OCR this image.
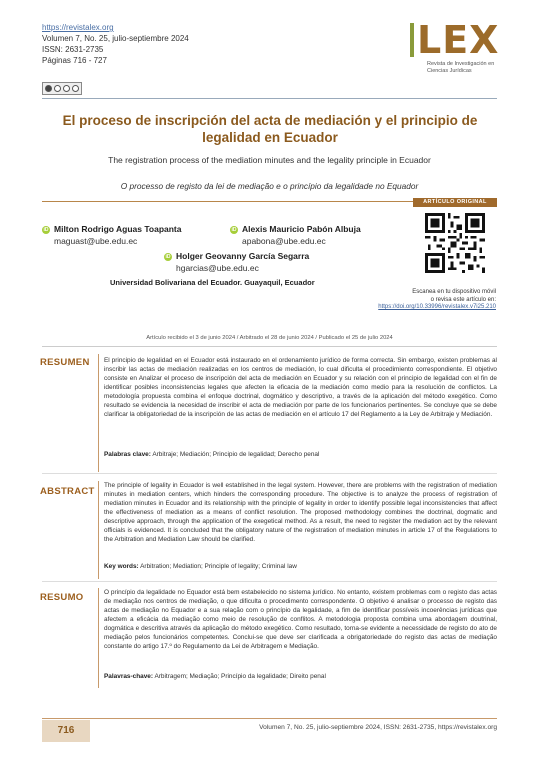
https://revistalex.org
Volumen 7, No. 25, julio-septiembre 2024
ISSN: 2631-2735
Páginas 716 - 727	LEX
Revista de Investigación en Ciencias Jurídicas
El proceso de inscripción del acta de mediación y el principio de legalidad en Ecuador
The registration process of the mediation minutes and the legality principle in Ecuador
O processo de registo da lei de mediação e o princípio da legalidade no Equador
ARTÍCULO ORIGINAL
iD Milton Rodrigo Aguas Toapanta
maguast@ube.edu.ec
iD Alexis Mauricio Pabón Albuja
apabona@ube.edu.ec
iD Holger Geovanny García Segarra
hgarcias@ube.edu.ec
Universidad Bolivariana del Ecuador. Guayaquil, Ecuador
Escanea en tu dispositivo móvil
o revisa este artículo en:
https://doi.org/10.33996/revistalex.v7i25.210
Artículo recibido el 3 de junio 2024 / Arbitrado el 28 de junio 2024 / Publicado el 25 de julio 2024
RESUMEN El principio de legalidad en el Ecuador está instaurado en el ordenamiento jurídico de forma correcta. Sin embargo, existen problemas al inscribir las actas de mediación realizadas en los centros de mediación, lo cual dificulta el procedimiento correspondiente. El objetivo consiste en Analizar el proceso de inscripción del acta de mediación en Ecuador y su relación con el principio de legalidad con el fin de identificar posibles inconsistencias legales que afecten la eficacia de la mediación como medio para la resolución de conflictos. La metodología propuesta combina el enfoque doctrinal, dogmático y descriptivo, a través de la aplicación del método exegético. Como resultado se evidencia la necesidad de inscribir el acta de mediación por parte de los funcionarios pertinentes. Se concluye que se debe clarificar la obligatoriedad de la inscripción de las actas de mediación en el artículo 17 del Reglamento a la Ley de Arbitraje y Mediación.
Palabras clave: Arbitraje; Mediación; Principio de legalidad; Derecho penal
ABSTRACT
The principle of legality in Ecuador is well established in the legal system. However, there are problems with the registration of mediation minutes in mediation centers, which hinders the corresponding procedure. The objective is to analyze the process of registration of mediation minutes in Ecuador and its relationship with the principle of legality in order to identify possible legal inconsistencies that affect the effectiveness of mediation as a means of conflict resolution. The proposed methodology combines the doctrinal, dogmatic and descriptive approach, through the application of the exegetical method. As a result, the need to register the mediation act by the relevant officials is evidenced. It is concluded that the obligatory nature of the registration of mediation minutes in article 17 of the Regulations to the Arbitration and Mediation Law should be clarified.
Key words: Arbitration; Mediation; Principle of legality; Criminal law
RESUMO	O princípio da legalidade no Equador está bem estabelecido no sistema jurídico. No entanto, existem problemas com o registo das actas de mediação nos centros de mediação, o que dificulta o procedimento correspondente. O objetivo é analisar o processo de registo das actas de mediação no Equador e a sua relação com o princípio da legalidade, a fim de identificar possíveis incoerências jurídicas que afectem a eficácia da mediação como meio de resolução de conflitos. A metodologia proposta combina uma abordagem doutrinal, dogmática e descritiva através da aplicação do método exegético. Como resultado, torna-se evidente a necessidade de registo do ato de mediação pelos funcionários competentes. Conclui-se que deve ser clarificada a obrigatoriedade do registo das actas de mediação constante do artigo 17.º do Regulamento da Lei de Arbitragem e Mediação.
Palavras-chave: Arbitragem; Mediação; Princípio da legalidade; Direito penal
716	Volumen 7, No. 25, julio-septiembre 2024, ISSN: 2631-2735, https://revistalex.org
